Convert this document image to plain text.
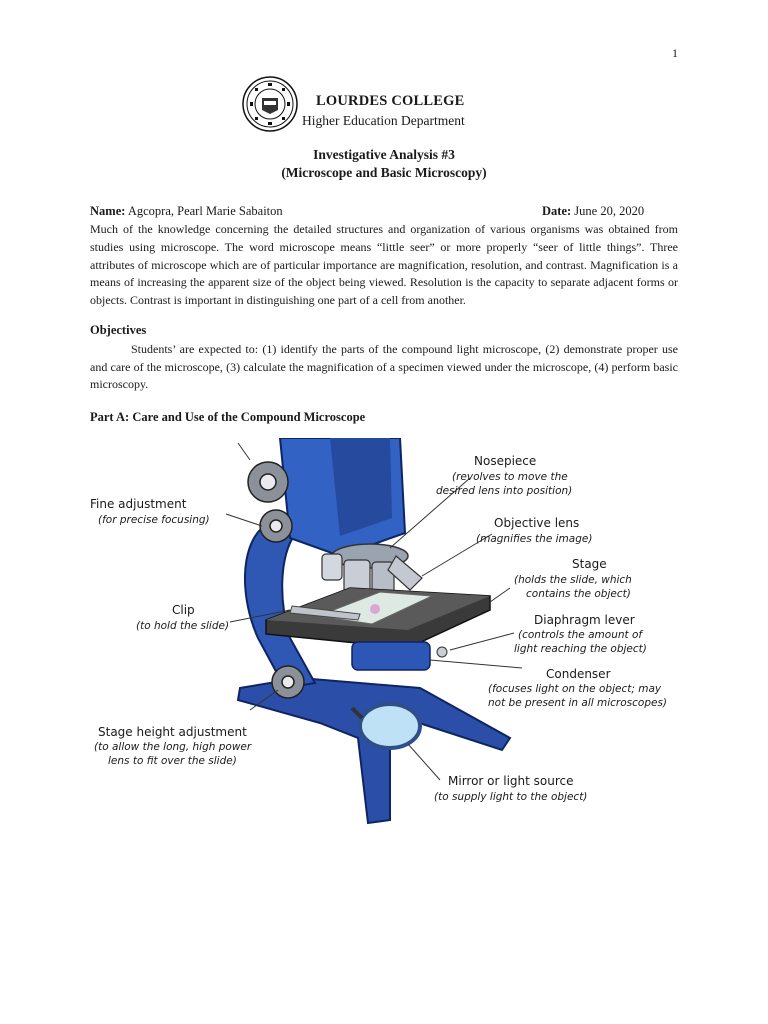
1
LOURDES COLLEGE
Higher Education Department
Investigative Analysis #3
(Microscope and Basic Microscopy)
Name: Agcopra, Pearl Marie Sabaiton	Date: June 20, 2020
Much of the knowledge concerning the detailed structures and organization of various organisms was obtained from studies using microscope. The word microscope means “little seer” or more properly “seer of little things”. Three attributes of microscope which are of particular importance are magnification, resolution, and contrast. Magnification is a means of increasing the apparent size of the object being viewed. Resolution is the capacity to separate adjacent forms or objects. Contrast is important in distinguishing one part of a cell from another.
Objectives
Students’ are expected to: (1) identify the parts of the compound light microscope, (2) demonstrate proper use and care of the microscope, (3) calculate the magnification of a specimen viewed under the microscope, (4) perform basic microscopy.
Part A: Care and Use of the Compound Microscope
Fine adjustment
(for precise focusing)
Clip
(to hold the slide)
Stage height adjustment
(to allow the long, high power
lens to fit over the slide)
Nosepiece
(revolves to move the
desired lens into position)
Objective lens
(magnifies the image)
Stage
(holds the slide, which
contains the object)
Diaphragm lever
(controls the amount of
light reaching the object)
Condenser
(focuses light on the object; may
not be present in all microscopes)
Mirror or light source
(to supply light to the object)
